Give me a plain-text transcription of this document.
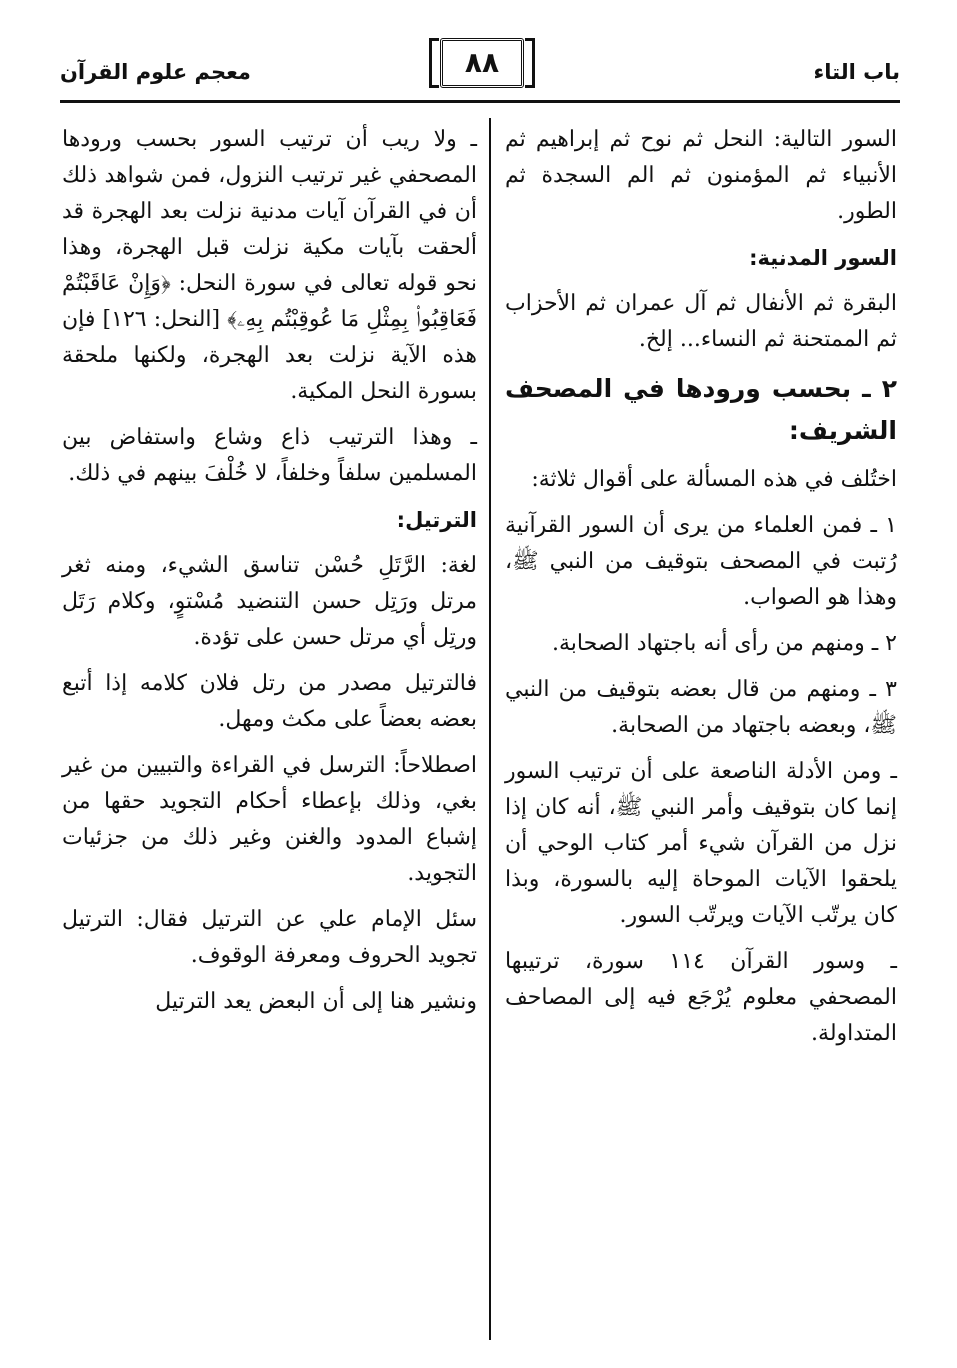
باب التاء
٨٨
معجم علوم القرآن

السور التالية: النحل ثم نوح ثم إبراهيم ثم الأنبياء ثم المؤمنون ثم الم السجدة ثم الطور.

السور المدنية:

البقرة ثم الأنفال ثم آل عمران ثم الأحزاب ثم الممتحنة ثم النساء... إلخ.

٢ ـ بحسب ورودها في المصحف الشريف:

اختُلف في هذه المسألة على أقوال ثلاثة:

١ ـ فمن العلماء من يرى أن السور القرآنية رُتبت في المصحف بتوقيف من النبي ﷺ، وهذا هو الصواب.

٢ ـ ومنهم من رأى أنه باجتهاد الصحابة.

٣ ـ ومنهم من قال بعضه بتوقيف من النبي ﷺ، وبعضه باجتهاد من الصحابة.

ـ ومن الأدلة الناصعة على أن ترتيب السور إنما كان بتوقيف وأمر النبي ﷺ، أنه كان إذا نزل من القرآن شيء أمر كتاب الوحي أن يلحقوا الآيات الموحاة إليه بالسورة، وبذا كان يرتّب الآيات ويرتّب السور.

ـ وسور القرآن ١١٤ سورة، ترتيبها المصحفي معلوم يُرْجَع فيه إلى المصاحف المتداولة.

ـ ولا ريب أن ترتيب السور بحسب ورودها المصحفي غير ترتيب النزول، فمن شواهد ذلك أن في القرآن آيات مدنية نزلت بعد الهجرة قد ألحقت بآيات مكية نزلت قبل الهجرة، وهذا نحو قوله تعالى في سورة النحل: ﴿وَإِنْ عَاقَبْتُمْ فَعَاقِبُوا۟ بِمِثْلِ مَا عُوقِبْتُم بِهِۦ﴾ [النحل: ١٢٦] فإن هذه الآية نزلت بعد الهجرة، ولكنها ملحقة بسورة النحل المكية.

ـ وهذا الترتيب ذاع وشاع واستفاض بين المسلمين سلفاً وخلفاً، لا خُلْفَ بينهم في ذلك.

الترتيل:

لغة: الرَّتَلِ حُسْن تناسق الشيء، ومنه ثغر مرتل ورَتِل حسن التنضيد مُسْتوٍ، وكلام رَتَل ورتِل أي مرتل حسن على تؤدة.

فالترتيل مصدر من رتل فلان كلامه إذا أتبع بعضه بعضاً على مكث ومهل.

اصطلاحاً: الترسل في القراءة والتبيين من غير بغي، وذلك بإعطاء أحكام التجويد حقها من إشباع المدود والغنن وغير ذلك من جزئيات التجويد.

سئل الإمام علي عن الترتيل فقال: الترتيل تجويد الحروف ومعرفة الوقوف.

ونشير هنا إلى أن البعض يعد الترتيل
